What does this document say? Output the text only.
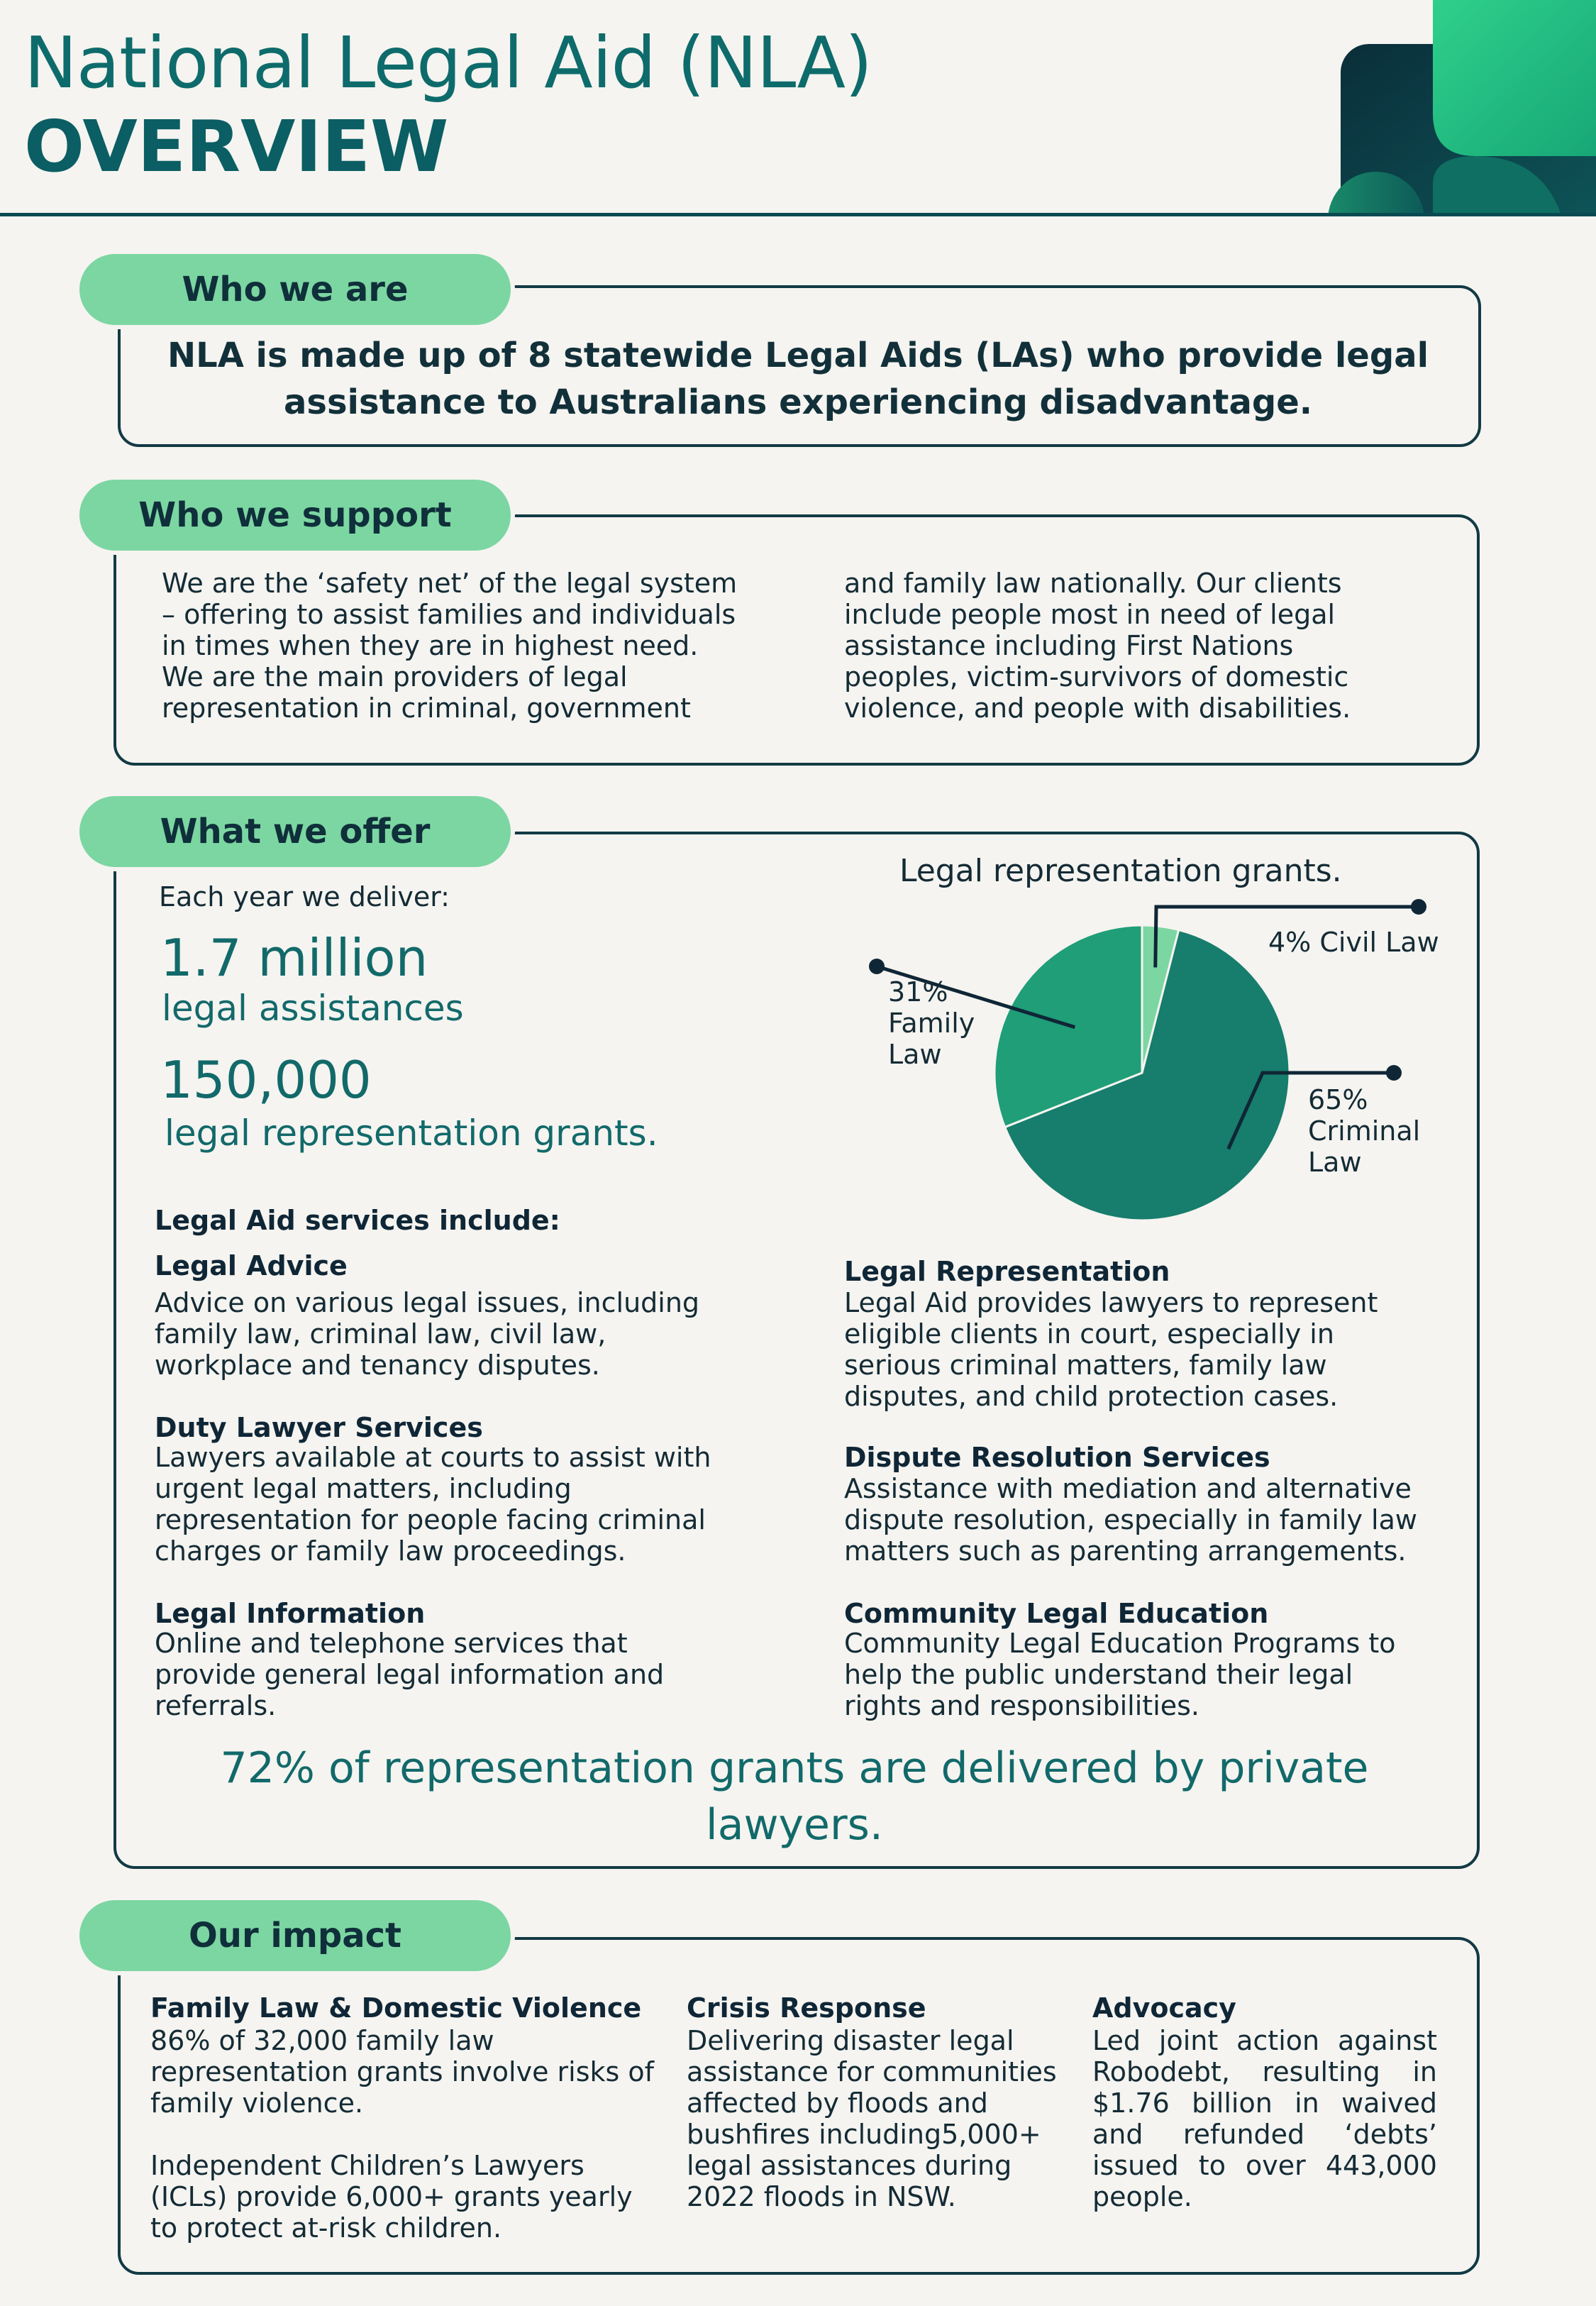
National Legal Aid (NLA)
OVERVIEW
Who we are
NLA is made up of 8 statewide Legal Aids (LAs) who provide legal assistance to Australians experiencing disadvantage.
Who we support
We are the ‘safety net’ of the legal system – offering to assist families and individuals in times when they are in highest need. We are the main providers of legal representation in criminal, government
and family law nationally. Our clients include people most in need of legal assistance including First Nations peoples, victim-survivors of domestic violence, and people with disabilities.
What we offer
Each year we deliver:
1.7 million
legal assistances
150,000
legal representation grants.
Legal representation grants.
4% Civil Law
31%
Family
Law
65%
Criminal
Law
Legal Aid services include:
Legal Advice
Advice on various legal issues, including family law, criminal law, civil law, workplace and tenancy disputes.
Duty Lawyer Services
Lawyers available at courts to assist with urgent legal matters, including representation for people facing criminal charges or family law proceedings.
Legal Information
Online and telephone services that provide general legal information and referrals.
Legal Representation
Legal Aid provides lawyers to represent eligible clients in court, especially in serious criminal matters, family law disputes, and child protection cases.
Dispute Resolution Services
Assistance with mediation and alternative dispute resolution, especially in family law matters such as parenting arrangements.
Community Legal Education
Community Legal Education Programs to help the public understand their legal rights and responsibilities.
72% of representation grants are delivered by private lawyers.
Our impact
Family Law & Domestic Violence
86% of 32,000 family law representation grants involve risks of family violence.
Independent Children’s Lawyers (ICLs) provide 6,000+ grants yearly to protect at-risk children.
Crisis Response
Delivering disaster legal assistance for communities affected by floods and bushfires including5,000+ legal assistances during 2022 floods in NSW.
Advocacy
Led joint action against Robodebt, resulting in $1.76 billion in waived and refunded ‘debts’ issued to over 443,000 people.
